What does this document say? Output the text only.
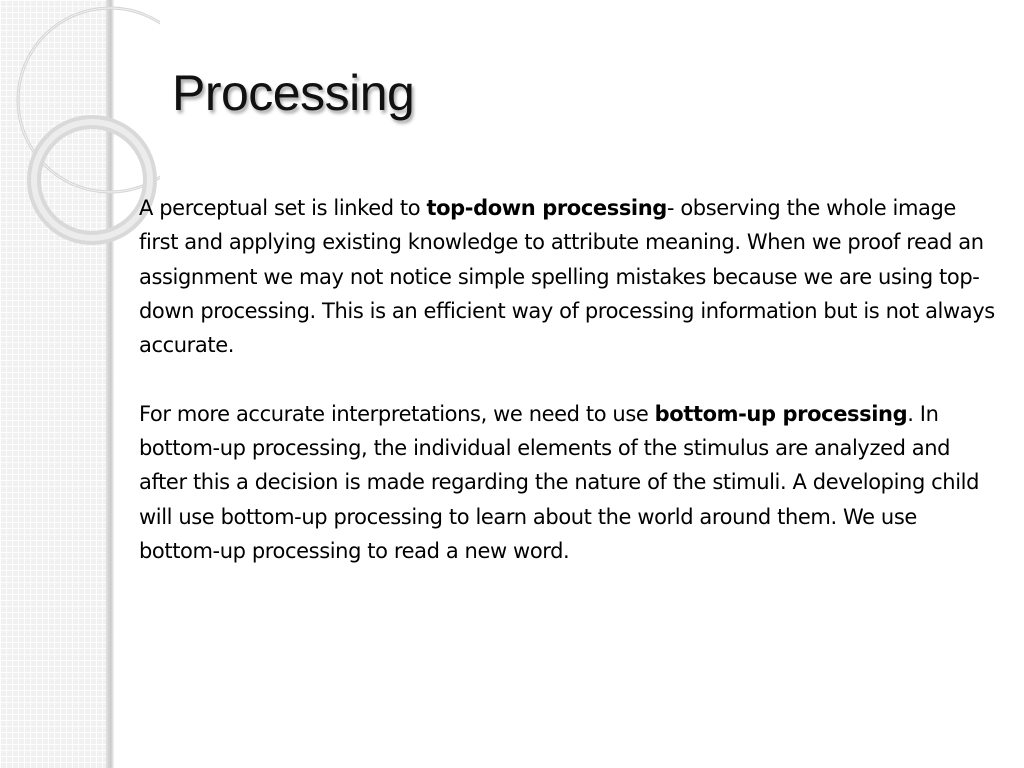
Processing

A perceptual set is linked to top-down processing- observing the whole image first and applying existing knowledge to attribute meaning. When we proof read an assignment we may not notice simple spelling mistakes because we are using top-down processing. This is an efficient way of processing information but is not always accurate.

For more accurate interpretations, we need to use bottom-up processing. In bottom-up processing, the individual elements of the stimulus are analyzed and after this a decision is made regarding the nature of the stimuli. A developing child will use bottom-up processing to learn about the world around them. We use bottom-up processing to read a new word.
